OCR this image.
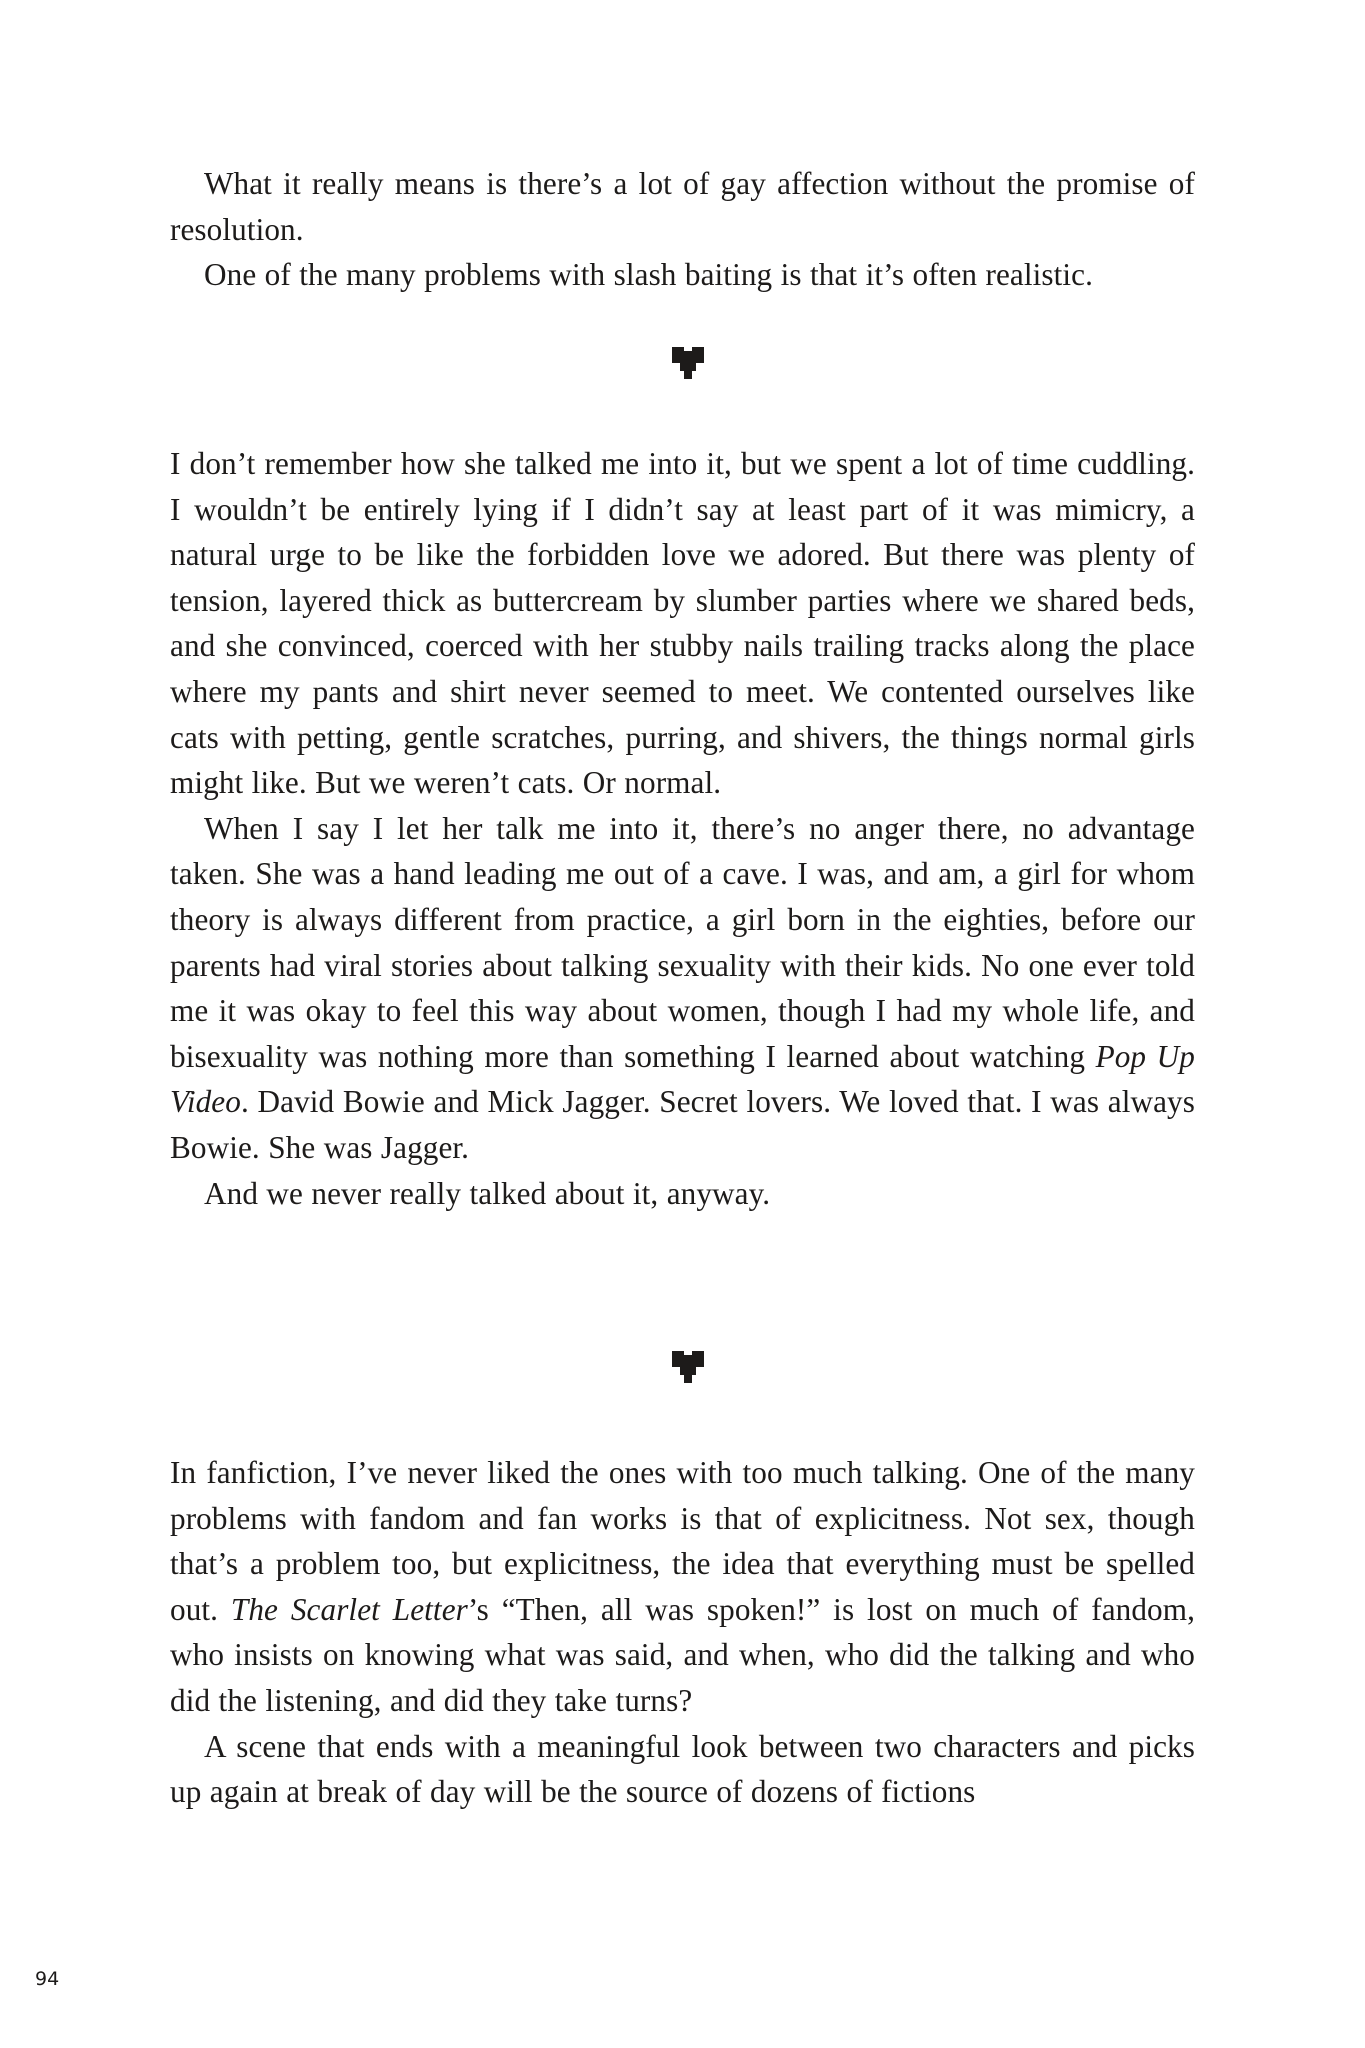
What it really means is there’s a lot of gay affection without the promise of resolution.

One of the many problems with slash baiting is that it’s often realistic.

I don’t remember how she talked me into it, but we spent a lot of time cuddling. I wouldn’t be entirely lying if I didn’t say at least part of it was mimicry, a natural urge to be like the forbidden love we adored. But there was plenty of tension, layered thick as buttercream by slumber parties where we shared beds, and she convinced, coerced with her stubby nails trailing tracks along the place where my pants and shirt never seemed to meet. We contented ourselves like cats with petting, gentle scratches, purring, and shivers, the things normal girls might like. But we weren’t cats. Or normal.

When I say I let her talk me into it, there’s no anger there, no advantage taken. She was a hand leading me out of a cave. I was, and am, a girl for whom theory is always different from practice, a girl born in the eighties, before our parents had viral stories about talking sexuality with their kids. No one ever told me it was okay to feel this way about women, though I had my whole life, and bisexuality was nothing more than something I learned about watching Pop Up Video. David Bowie and Mick Jagger. Secret lovers. We loved that. I was always Bowie. She was Jagger.

And we never really talked about it, anyway.

In fanfiction, I’ve never liked the ones with too much talking. One of the many problems with fandom and fan works is that of explicitness. Not sex, though that’s a problem too, but explicitness, the idea that everything must be spelled out. The Scarlet Letter’s “Then, all was spoken!” is lost on much of fandom, who insists on knowing what was said, and when, who did the talking and who did the listening, and did they take turns?

A scene that ends with a meaningful look between two characters and picks up again at break of day will be the source of dozens of fictions

94
